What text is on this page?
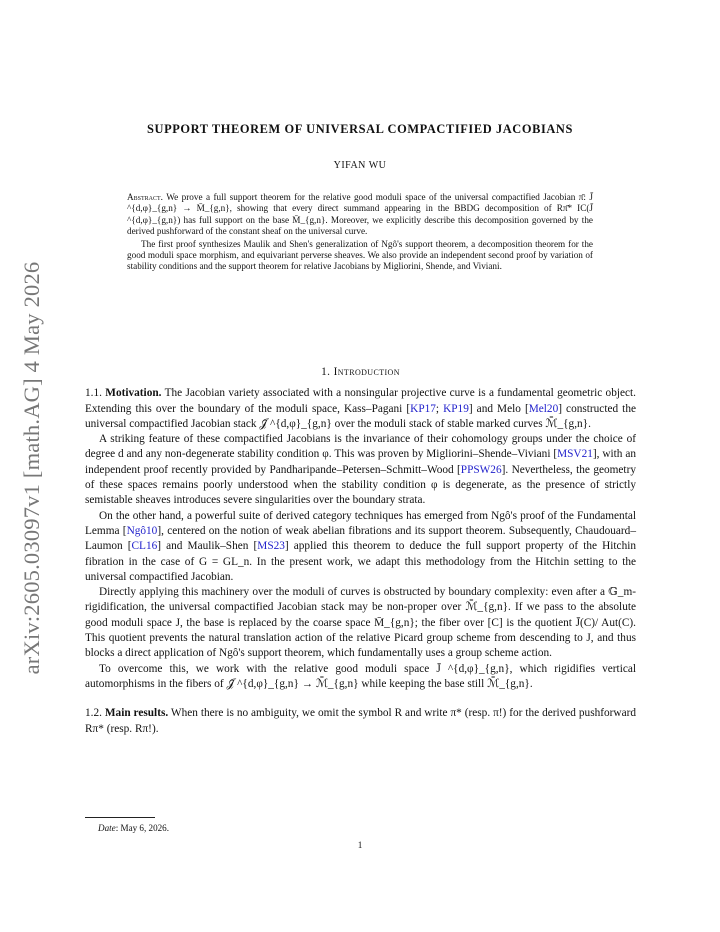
arXiv:2605.03097v1 [math.AG] 4 May 2026
SUPPORT THEOREM OF UNIVERSAL COMPACTIFIED JACOBIANS
YIFAN WU

Abstract. We prove a full support theorem for the relative good moduli space of the universal compactified Jacobian π̄: J̄ ^{d,φ}_{g,n} → M̄_{g,n}, showing that every direct summand appearing in the BBDG decomposition of Rπ̄* IC(J̄ ^{d,φ}_{g,n}) has full support on the base M̄_{g,n}. Moreover, we explicitly describe this decomposition governed by the derived pushforward of the constant sheaf on the universal curve.

The first proof synthesizes Maulik and Shen's generalization of Ngô's support theorem, a decomposition theorem for the good moduli space morphism, and equivariant perverse sheaves. We also provide an independent second proof by variation of stability conditions and the support theorem for relative Jacobians by Migliorini, Shende, and Viviani.

1. Introduction

1.1. Motivation. The Jacobian variety associated with a nonsingular projective curve is a fundamental geometric object. Extending this over the boundary of the moduli space, Kass–Pagani [KP17; KP19] and Melo [Mel20] constructed the universal compactified Jacobian stack 𝒥̄ ^{d,φ}_{g,n} over the moduli stack of stable marked curves ℳ̄_{g,n}.

A striking feature of these compactified Jacobians is the invariance of their cohomology groups under the choice of degree d and any non-degenerate stability condition φ. This was proven by Migliorini–Shende–Viviani [MSV21], with an independent proof recently provided by Pandharipande–Petersen–Schmitt–Wood [PPSW26]. Nevertheless, the geometry of these spaces remains poorly understood when the stability condition φ is degenerate, as the presence of strictly semistable sheaves introduces severe singularities over the boundary strata.

On the other hand, a powerful suite of derived category techniques has emerged from Ngô's proof of the Fundamental Lemma [Ngô10], centered on the notion of weak abelian fibrations and its support theorem. Subsequently, Chaudouard–Laumon [CL16] and Maulik–Shen [MS23] applied this theorem to deduce the full support property of the Hitchin fibration in the case of G = GL_n. In the present work, we adapt this methodology from the Hitchin setting to the universal compactified Jacobian.

Directly applying this machinery over the moduli of curves is obstructed by boundary complexity: even after a 𝔾_m-rigidification, the universal compactified Jacobian stack may be non-proper over ℳ̄_{g,n}. If we pass to the absolute good moduli space J, the base is replaced by the coarse space M̄_{g,n}; the fiber over [C] is the quotient J̄(C)/ Aut(C). This quotient prevents the natural translation action of the relative Picard group scheme from descending to J, and thus blocks a direct application of Ngô's support theorem, which fundamentally uses a group scheme action.

To overcome this, we work with the relative good moduli space J̄ ^{d,φ}_{g,n}, which rigidifies vertical automorphisms in the fibers of 𝒥̄ ^{d,φ}_{g,n} → ℳ̄_{g,n} while keeping the base still ℳ̄_{g,n}.

1.2. Main results. When there is no ambiguity, we omit the symbol R and write π* (resp. π!) for the derived pushforward Rπ* (resp. Rπ!).

Date: May 6, 2026.
1
